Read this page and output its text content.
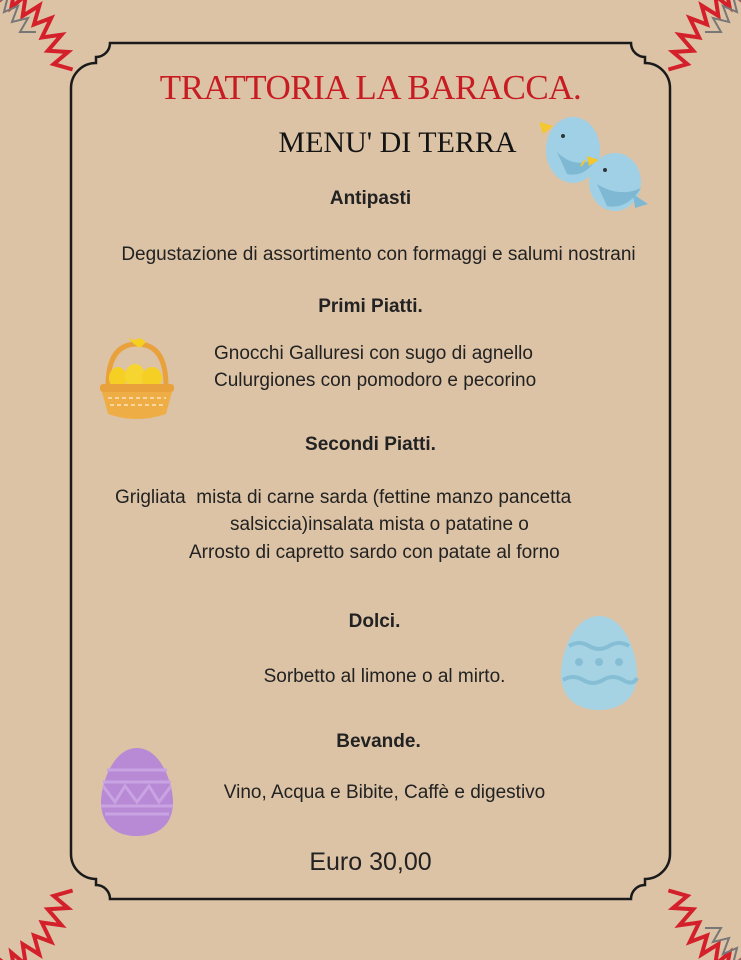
TRATTORIA LA BARACCA.
MENU' DI TERRA
Antipasti
Degustazione di assortimento con formaggi e salumi nostrani
Primi Piatti.
Gnocchi Galluresi con sugo di agnello
Culurgiones con pomodoro e pecorino
Secondi Piatti.
Grigliata  mista di carne sarda (fettine manzo pancetta
salsiccia)insalata mista o patatine o
Arrosto di capretto sardo con patate al forno
Dolci.
Sorbetto al limone o al mirto.
Bevande.
Vino, Acqua e Bibite, Caffè e digestivo
Euro 30,00
